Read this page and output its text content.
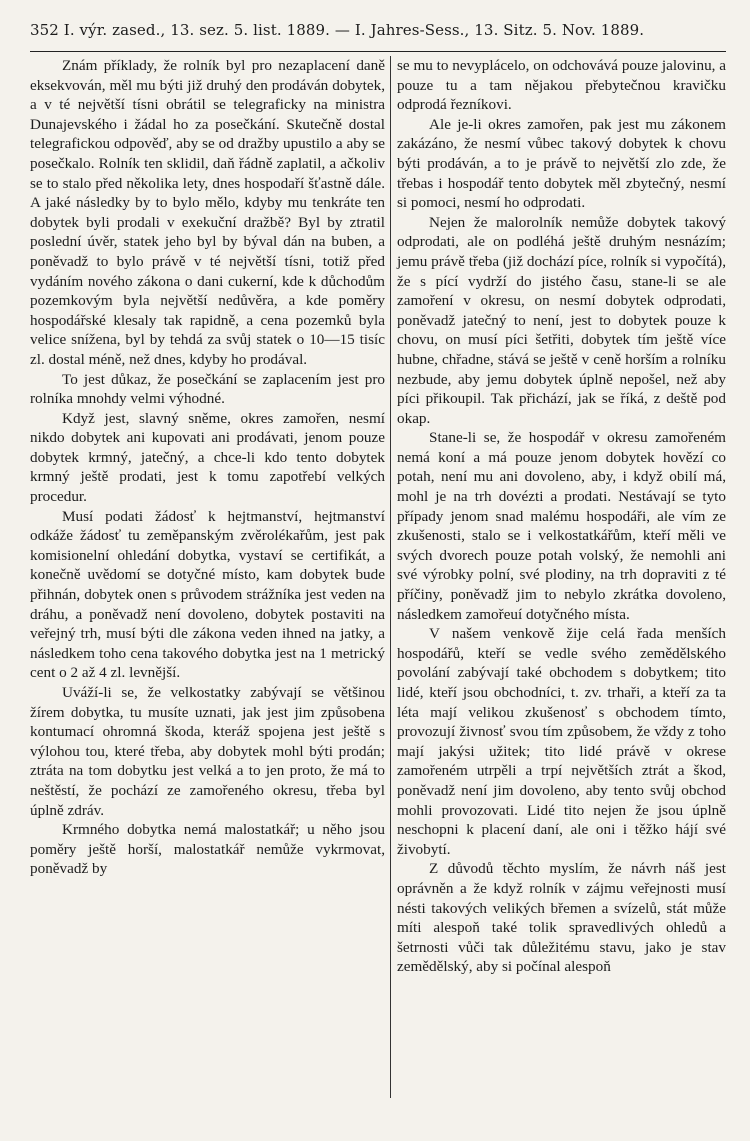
352 I. výr. zased., 13. sez. 5. list. 1889. — I. Jahres-Sess., 13. Sitz. 5. Nov. 1889.

Znám příklady, že rolník byl pro nezaplacení daně eksekvován, měl mu býti již druhý den prodáván dobytek, a v té největší tísni obrátil se telegraficky na ministra Dunajevského i žádal ho za posečkání. Skutečně dostal telegrafickou odpověď, aby se od dražby upustilo a aby se posečkalo. Rolník ten sklidil, daň řádně zaplatil, a ačkoliv se to stalo před několika lety, dnes hospodaří šťastně dále. A jaké následky by to bylo mělo, kdyby mu tenkráte ten dobytek byli prodali v exekuční dražbě? Byl by ztratil poslední úvěr, statek jeho byl by býval dán na buben, a poněvadž to bylo právě v té největší tísni, totiž před vydáním nového zákona o dani cukerní, kde k důchodům pozemkovým byla největší nedůvěra, a kde poměry hospodářské klesaly tak rapidně, a cena pozemků byla velice snížena, byl by tehdá za svůj statek o 10—15 tisíc zl. dostal méně, než dnes, kdyby ho prodával.

To jest důkaz, že posečkání se zaplacením jest pro rolníka mnohdy velmi výhodné.

Když jest, slavný sněme, okres zamořen, nesmí nikdo dobytek ani kupovati ani prodávati, jenom pouze dobytek krmný, jatečný, a chce-li kdo tento dobytek krmný ještě prodati, jest k tomu zapotřebí velkých procedur.

Musí podati žádosť k hejtmanství, hejtmanství odkáže žádosť tu zeměpanským zvěrolékařům, jest pak komisionelní ohledání dobytka, vystaví se certifikát, a konečně uvědomí se dotyčné místo, kam dobytek bude přihnán, dobytek onen s průvodem strážníka jest veden na dráhu, a poněvadž není dovoleno, dobytek postaviti na veřejný trh, musí býti dle zákona veden ihned na jatky, a následkem toho cena takového dobytka jest na 1 metrický cent o 2 až 4 zl. levnější.

Uváží-li se, že velkostatky zabývají se většinou žírem dobytka, tu musíte uznati, jak jest jim způsobena kontumací ohromná škoda, kteráž spojena jest ještě s výlohou tou, které třeba, aby dobytek mohl býti prodán; ztráta na tom dobytku jest velká a to jen proto, že má to neštěstí, že pochází ze zamořeného okresu, třeba byl úplně zdráv.

Krmného dobytka nemá malostatkář; u něho jsou poměry ještě horší, malostatkář nemůže vykrmovat, poněvadž by

se mu to nevyplácelo, on odchovává pouze jalovinu, a pouze tu a tam nějakou přebytečnou kravičku odprodá řezníkovi.

Ale je-li okres zamořen, pak jest mu zákonem zakázáno, že nesmí vůbec takový dobytek k chovu býti prodáván, a to je právě to největší zlo zde, že třebas i hospodář tento dobytek měl zbytečný, nesmí si pomoci, nesmí ho odprodati.

Nejen že malorolník nemůže dobytek takový odprodati, ale on podléhá ještě druhým nesnázím; jemu právě třeba (již dochází píce, rolník si vypočítá), že s pící vydrží do jistého času, stane-li se ale zamoření v okresu, on nesmí dobytek odprodati, poněvadž jatečný to není, jest to dobytek pouze k chovu, on musí píci šetřiti, dobytek tím ještě více hubne, chřadne, stává se ještě v ceně horším a rolníku nezbude, aby jemu dobytek úplně nepošel, než aby píci přikoupil. Tak přichází, jak se říká, z deště pod okap.

Stane-li se, že hospodář v okresu zamořeném nemá koní a má pouze jenom dobytek hovězí co potah, není mu ani dovoleno, aby, i když obilí má, mohl je na trh dovézti a prodati. Nestávají se tyto případy jenom snad malému hospodáři, ale vím ze zkušenosti, stalo se i velkostatkářům, kteří měli ve svých dvorech pouze potah volský, že nemohli ani své výrobky polní, své plodiny, na trh dopraviti z té příčiny, poněvadž jim to nebylo zkrátka dovoleno, následkem zamořeuí dotyčného místa.

V našem venkově žije celá řada menších hospodářů, kteří se vedle svého zemědělského povolání zabývají také obchodem s dobytkem; tito lidé, kteří jsou obchodníci, t. zv. trhaři, a kteří za ta léta mají velikou zkušenosť s obchodem tímto, provozují živnosť svou tím způsobem, že vždy z toho mají jakýsi užitek; tito lidé právě v okrese zamořeném utrpěli a trpí největších ztrát a škod, poněvadž není jim dovoleno, aby tento svůj obchod mohli provozovati. Lidé tito nejen že jsou úplně neschopni k placení daní, ale oni i těžko hájí své živobytí.

Z důvodů těchto myslím, že návrh náš jest oprávněn a že když rolník v zájmu veřejnosti musí nésti takových velikých břemen a svízelů, stát může míti alespoň také tolik spravedlivých ohledů a šetrnosti vůči tak důležitému stavu, jako je stav zemědělský, aby si počínal alespoň
